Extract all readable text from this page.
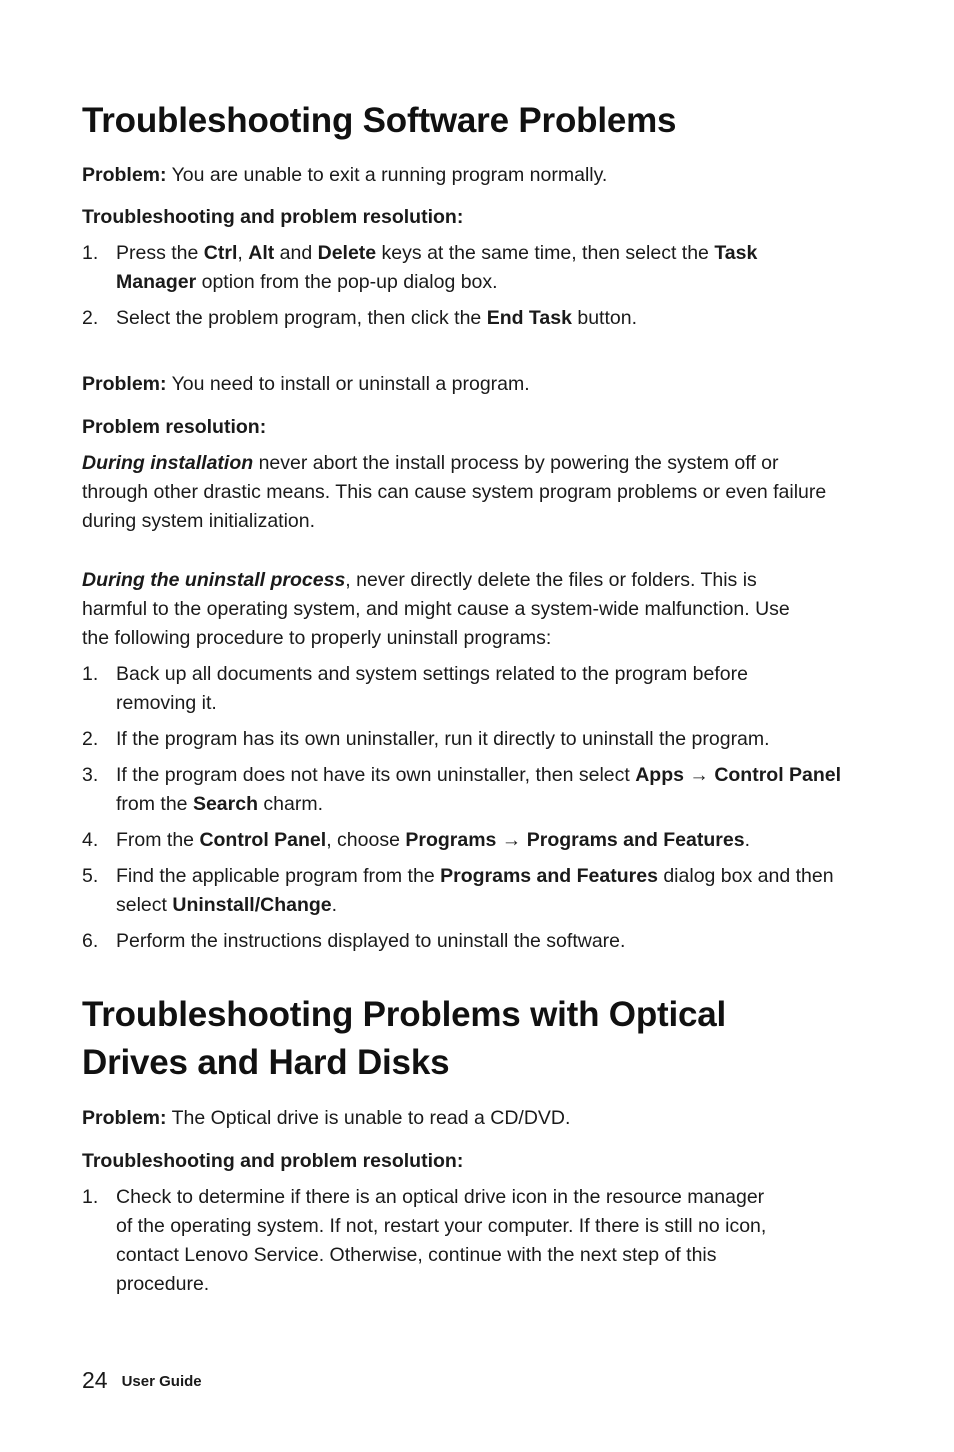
Troubleshooting Software Problems

Problem: You are unable to exit a running program normally.

Troubleshooting and problem resolution:

1. Press the Ctrl, Alt and Delete keys at the same time, then select the Task Manager option from the pop-up dialog box.
2. Select the problem program, then click the End Task button.

Problem: You need to install or uninstall a program.

Problem resolution:

During installation never abort the install process by powering the system off or through other drastic means. This can cause system program problems or even failure during system initialization.

During the uninstall process, never directly delete the files or folders. This is harmful to the operating system, and might cause a system-wide malfunction. Use the following procedure to properly uninstall programs:

1. Back up all documents and system settings related to the program before removing it.
2. If the program has its own uninstaller, run it directly to uninstall the program.
3. If the program does not have its own uninstaller, then select Apps → Control Panel from the Search charm.
4. From the Control Panel, choose Programs → Programs and Features.
5. Find the applicable program from the Programs and Features dialog box and then select Uninstall/Change.
6. Perform the instructions displayed to uninstall the software.
Troubleshooting Problems with Optical
Drives and Hard Disks

Problem: The Optical drive is unable to read a CD/DVD.

Troubleshooting and problem resolution:

1. Check to determine if there is an optical drive icon in the resource manager
of the operating system. If not, restart your computer. If there is still no icon,
contact Lenovo Service. Otherwise, continue with the next step of this
procedure.
24 User Guide
